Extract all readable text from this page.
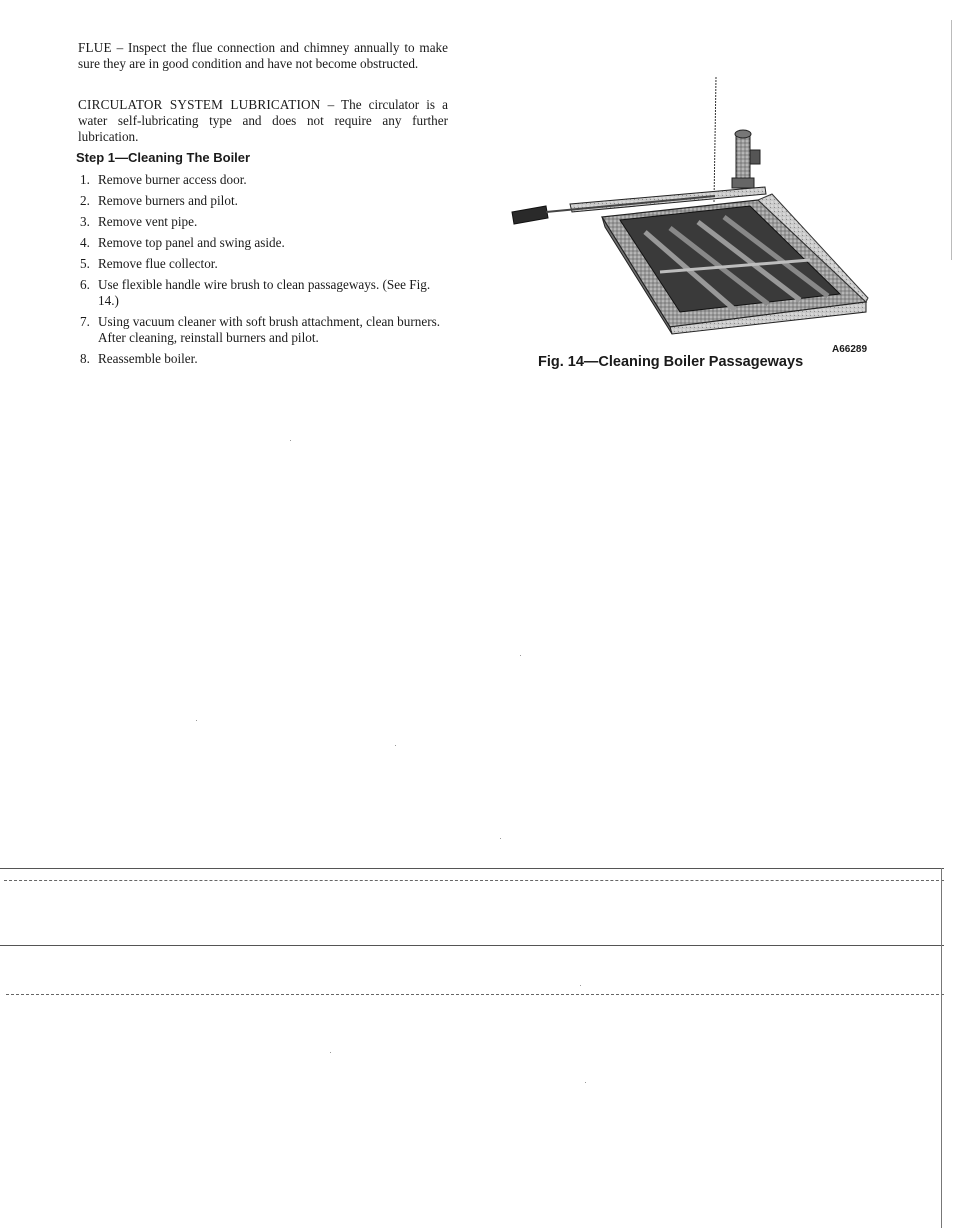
FLUE – Inspect the flue connection and chimney annually to make sure they are in good condition and have not become obstructed.

CIRCULATOR SYSTEM LUBRICATION – The circulator is a water self-lubricating type and does not require any further lubrication.

Step 1—Cleaning The Boiler
1. Remove burner access door.
2. Remove burners and pilot.
3. Remove vent pipe.
4. Remove top panel and swing aside.
5. Remove flue collector.
6. Use flexible handle wire brush to clean passageways. (See Fig. 14.)
7. Using vacuum cleaner with soft brush attachment, clean burners. After cleaning, reinstall burners and pilot.
8. Reassemble boiler.
A66289
Fig. 14—Cleaning Boiler Passageways
